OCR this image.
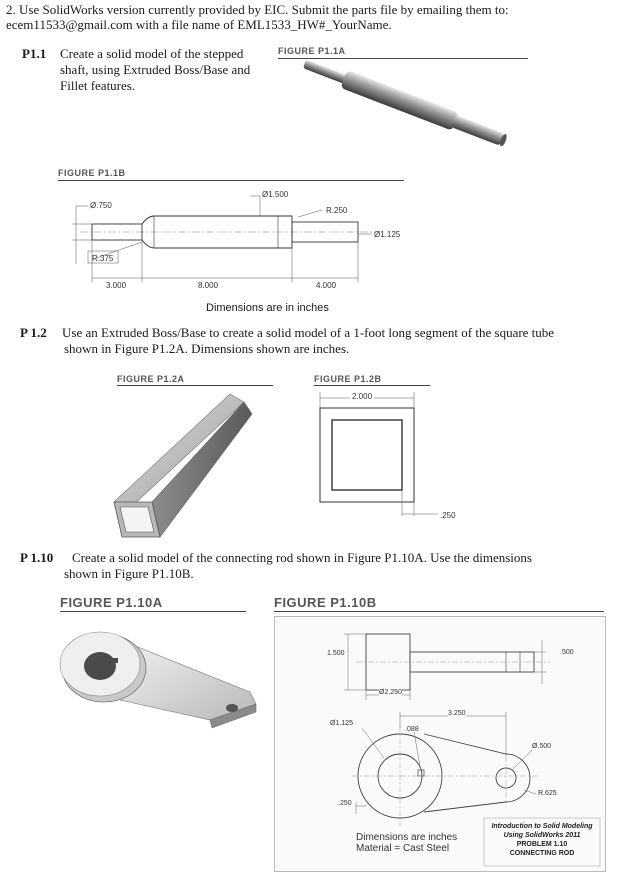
2. Use SolidWorks version currently provided by EIC. Submit the parts file by emailing them to:
ecem11533@gmail.com with a file name of EML1533_HW#_YourName.
P1.1 Create a solid model of the stepped
shaft, using Extruded Boss/Base and
Fillet features.
FIGURE P1.1A
FIGURE P1.1B
Ø.750
Ø1.500
R.250
Ø1.125
R.375
3.000	8.000	4.000
Dimensions are in inches
P 1.2 Use an Extruded Boss/Base to create a solid model of a 1-foot long segment of the square tube
shown in Figure P1.2A. Dimensions shown are inches.
FIGURE P1.2A	FIGURE P1.2B
2.000
.250
P 1.10 Create a solid model of the connecting rod shown in Figure P1.10A. Use the dimensions
shown in Figure P1.10B.
FIGURE P1.10A	FIGURE P1.10B
1.500	.500
Ø2.250
3.250
Ø1.125
.088
Ø.500
R.625
.250
Dimensions are inches
Material = Cast Steel
Introduction to Solid Modeling
Using SolidWorks 2011
PROBLEM 1.10
CONNECTING ROD
